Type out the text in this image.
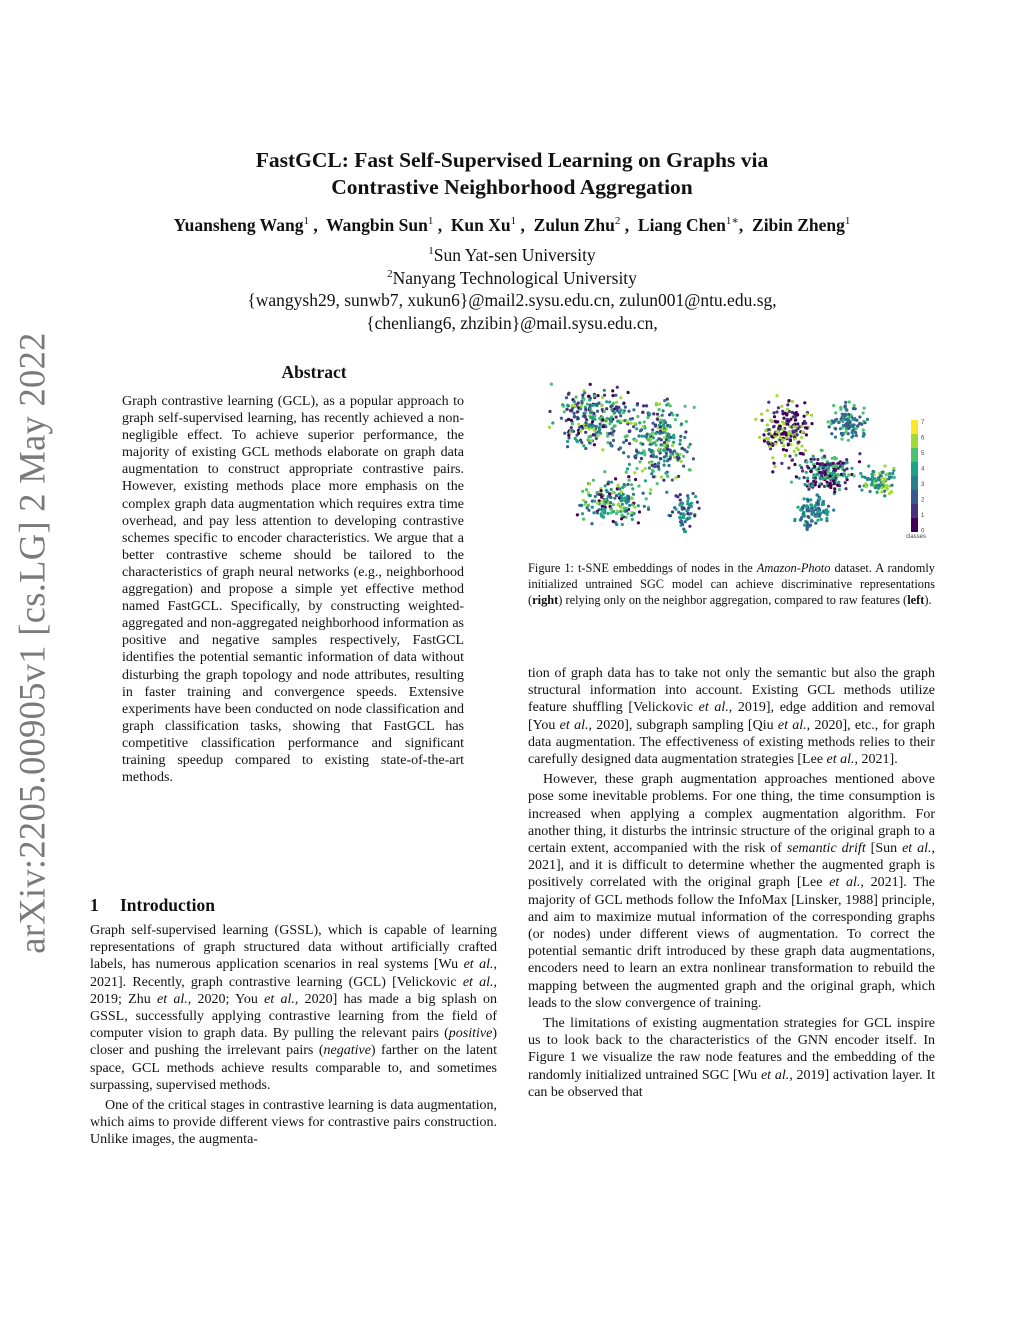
arXiv:2205.00905v1 [cs.LG] 2 May 2022
FastGCL: Fast Self-Supervised Learning on Graphs via
Contrastive Neighborhood Aggregation
Yuansheng Wang$^1$ ,  Wangbin Sun$^1$ ,  Kun Xu$^1$ ,  Zulun Zhu$^2$ ,  Liang Chen$^{1∗}$,  Zibin Zheng$^1$
$^1$Sun Yat-sen University
$^2$Nanyang Technological University
{wangysh29, sunwb7, xukun6}@mail2.sysu.edu.cn, zulun001@ntu.edu.sg,
{chenliang6, zhzibin}@mail.sysu.edu.cn,
Abstract

Graph contrastive learning (GCL), as a popular approach to graph self-supervised learning, has recently achieved a non-negligible effect. To achieve superior performance, the majority of existing GCL methods elaborate on graph data augmentation to construct appropriate contrastive pairs. However, existing methods place more emphasis on the complex graph data augmentation which requires extra time overhead, and pay less attention to developing contrastive schemes specific to encoder characteristics. We argue that a better contrastive scheme should be tailored to the characteristics of graph neural networks (e.g., neighborhood aggregation) and propose a simple yet effective method named FastGCL. Specifically, by constructing weighted-aggregated and non-aggregated neighborhood information as positive and negative samples respectively, FastGCL identifies the potential semantic information of data without disturbing the graph topology and node attributes, resulting in faster training and convergence speeds. Extensive experiments have been conducted on node classification and graph classification tasks, showing that FastGCL has competitive classification performance and significant training speedup compared to existing state-of-the-art methods.

1 Introduction

Graph self-supervised learning (GSSL), which is capable of learning representations of graph structured data without artificially crafted labels, has numerous application scenarios in real systems [Wu et al., 2021]. Recently, graph contrastive learning (GCL) [Velickovic et al., 2019; Zhu et al., 2020; You et al., 2020] has made a big splash on GSSL, successfully applying contrastive learning from the field of computer vision to graph data. By pulling the relevant pairs (positive) closer and pushing the irrelevant pairs (negative) farther on the latent space, GCL methods achieve results comparable to, and sometimes surpassing, supervised methods.

One of the critical stages in contrastive learning is data augmentation, which aims to provide different views for contrastive pairs construction. Unlike images, the augmenta-

7
6
5
4
3
2
1
0
classes
Figure 1: t-SNE embeddings of nodes in the Amazon-Photo dataset. A randomly initialized untrained SGC model can achieve discriminative representations (right) relying only on the neighbor aggregation, compared to raw features (left).

tion of graph data has to take not only the semantic but also the graph structural information into account. Existing GCL methods utilize feature shuffling [Velickovic et al., 2019], edge addition and removal [You et al., 2020], subgraph sampling [Qiu et al., 2020], etc., for graph data augmentation. The effectiveness of existing methods relies to their carefully designed data augmentation strategies [Lee et al., 2021].

However, these graph augmentation approaches mentioned above pose some inevitable problems. For one thing, the time consumption is increased when applying a complex augmentation algorithm. For another thing, it disturbs the intrinsic structure of the original graph to a certain extent, accompanied with the risk of semantic drift [Sun et al., 2021], and it is difficult to determine whether the augmented graph is positively correlated with the original graph [Lee et al., 2021]. The majority of GCL methods follow the InfoMax [Linsker, 1988] principle, and aim to maximize mutual information of the corresponding graphs (or nodes) under different views of augmentation. To correct the potential semantic drift introduced by these graph data augmentations, encoders need to learn an extra nonlinear transformation to rebuild the mapping between the augmented graph and the original graph, which leads to the slow convergence of training.

The limitations of existing augmentation strategies for GCL inspire us to look back to the characteristics of the GNN encoder itself. In Figure 1 we visualize the raw node features and the embedding of the randomly initialized untrained SGC [Wu et al., 2019] activation layer. It can be observed that
